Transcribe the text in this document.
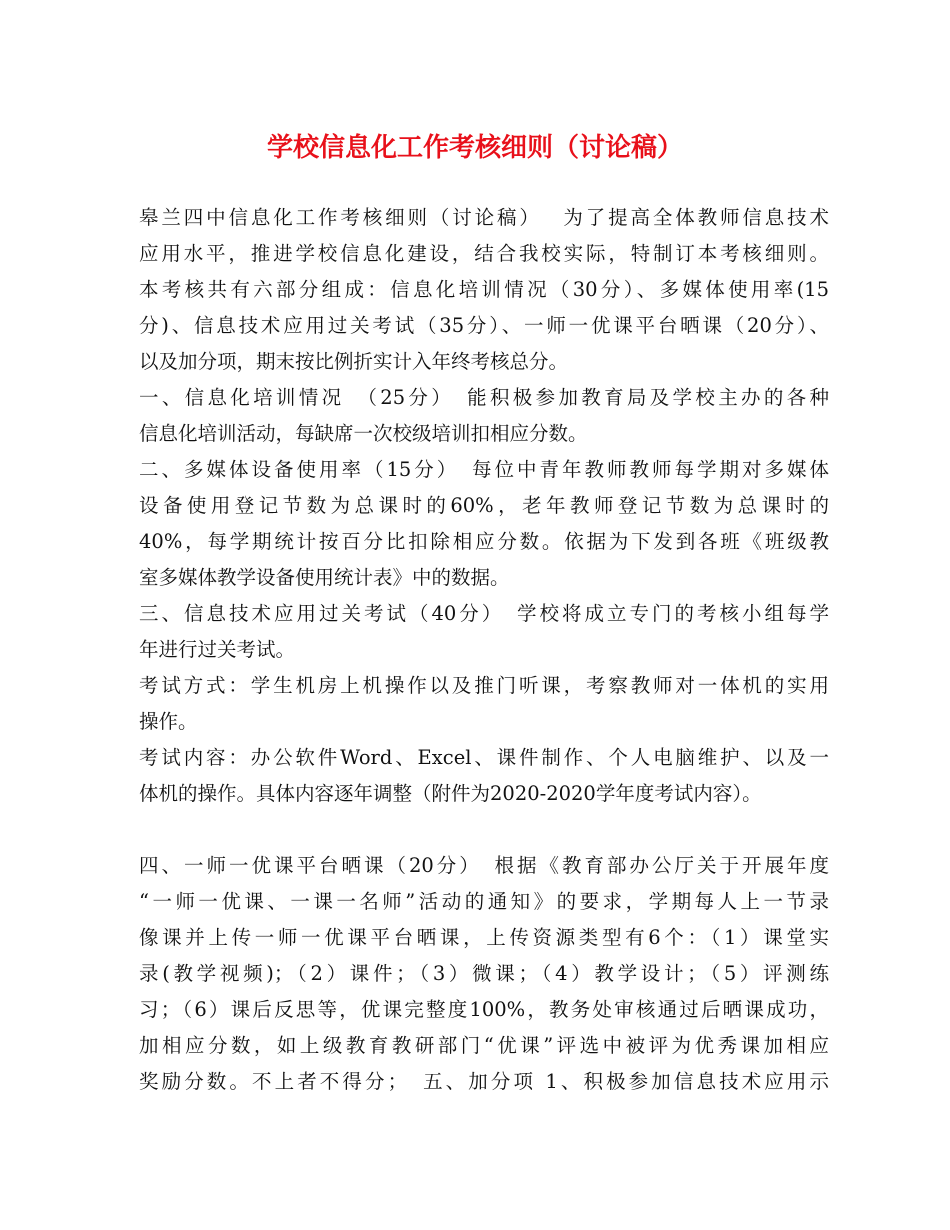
学校信息化工作考核细则（讨论稿）
皋兰四中信息化工作考核细则（讨论稿）　 为了提高全体教师信息技术
应用水平，推进学校信息化建设，结合我校实际，特制订本考核细则。
本考核共有六部分组成：信息化培训情况（30分）、多媒体使用率(15
分)、信息技术应用过关考试（35分）、一师一优课平台晒课（20分）、
以及加分项，期末按比例折实计入年终考核总分。
一、信息化培训情况　（25分）　能积极参加教育局及学校主办的各种
信息化培训活动，每缺席一次校级培训扣相应分数。
二、多媒体设备使用率（15分）　每位中青年教师教师每学期对多媒体
设备使用登记节数为总课时的60%，老年教师登记节数为总课时的
40%，每学期统计按百分比扣除相应分数。依据为下发到各班《班级教
室多媒体教学设备使用统计表》中的数据。
三、信息技术应用过关考试（40分）　学校将成立专门的考核小组每学
年进行过关考试。
考试方式：学生机房上机操作以及推门听课，考察教师对一体机的实用
操作。
考试内容：办公软件Word、Excel、课件制作、个人电脑维护、以及一
体机的操作。具体内容逐年调整（附件为2020-2020学年度考试内容）。
四、一师一优课平台晒课（20分）　根据《教育部办公厅关于开展年度
“一师一优课、一课一名师”活动的通知》的要求，学期每人上一节录
像课并上传一师一优课平台晒课，上传资源类型有6个：（1）课堂实
录(教学视频)；（2）课件；（3）微课；（4）教学设计；（5）评测练
习；（6）课后反思等，优课完整度100%，教务处审核通过后晒课成功，
加相应分数，如上级教育教研部门“优课”评选中被评为优秀课加相应
奖励分数。不上者不得分；　五、加分项 1、积极参加信息技术应用示
